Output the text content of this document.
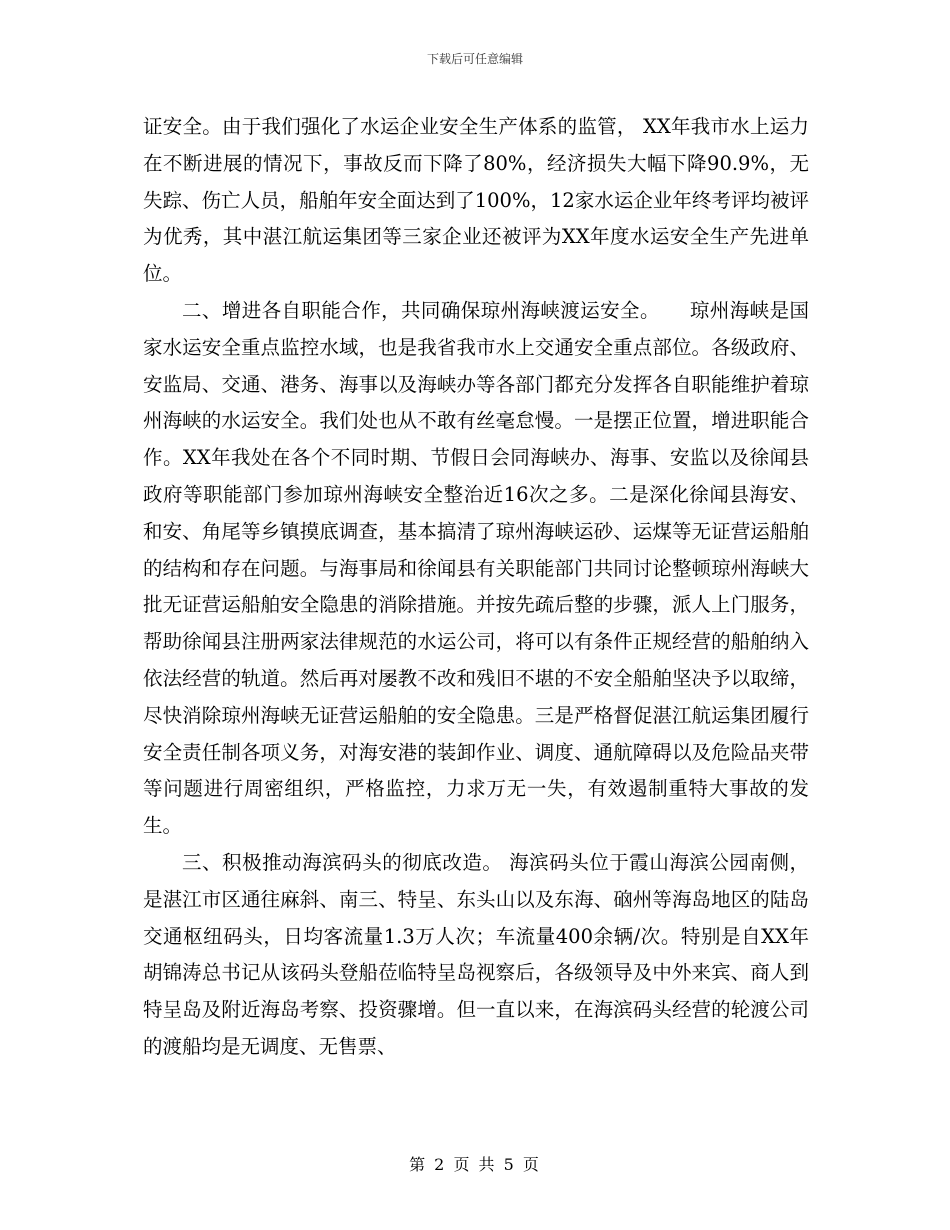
下载后可任意编辑

证安全。由于我们强化了水运企业安全生产体系的监管， XX年我市水上运力在不断进展的情况下，事故反而下降了80%，经济损失大幅下降90.9%，无失踪、伤亡人员，船舶年安全面达到了100%，12家水运企业年终考评均被评为优秀，其中湛江航运集团等三家企业还被评为XX年度水运安全生产先进单位。

二、增进各自职能合作，共同确保琼州海峡渡运安全。　　琼州海峡是国家水运安全重点监控水域，也是我省我市水上交通安全重点部位。各级政府、安监局、交通、港务、海事以及海峡办等各部门都充分发挥各自职能维护着琼州海峡的水运安全。我们处也从不敢有丝毫怠慢。一是摆正位置，增进职能合作。XX年我处在各个不同时期、节假日会同海峡办、海事、安监以及徐闻县政府等职能部门参加琼州海峡安全整治近16次之多。二是深化徐闻县海安、和安、角尾等乡镇摸底调查，基本搞清了琼州海峡运砂、运煤等无证营运船舶的结构和存在问题。与海事局和徐闻县有关职能部门共同讨论整顿琼州海峡大批无证营运船舶安全隐患的消除措施。并按先疏后整的步骤，派人上门服务，帮助徐闻县注册两家法律规范的水运公司，将可以有条件正规经营的船舶纳入依法经营的轨道。然后再对屡教不改和残旧不堪的不安全船舶坚决予以取缔，尽快消除琼州海峡无证营运船舶的安全隐患。三是严格督促湛江航运集团履行安全责任制各项义务，对海安港的装卸作业、调度、通航障碍以及危险品夹带等问题进行周密组织，严格监控，力求万无一失，有效遏制重特大事故的发生。

三、积极推动海滨码头的彻底改造。 海滨码头位于霞山海滨公园南侧，是湛江市区通往麻斜、南三、特呈、东头山以及东海、硇州等海岛地区的陆岛交通枢纽码头，日均客流量1.3万人次；车流量400余辆/次。特别是自XX年胡锦涛总书记从该码头登船莅临特呈岛视察后，各级领导及中外来宾、商人到特呈岛及附近海岛考察、投资骤增。但一直以来，在海滨码头经营的轮渡公司的渡船均是无调度、无售票、

第 2 页 共 5 页
